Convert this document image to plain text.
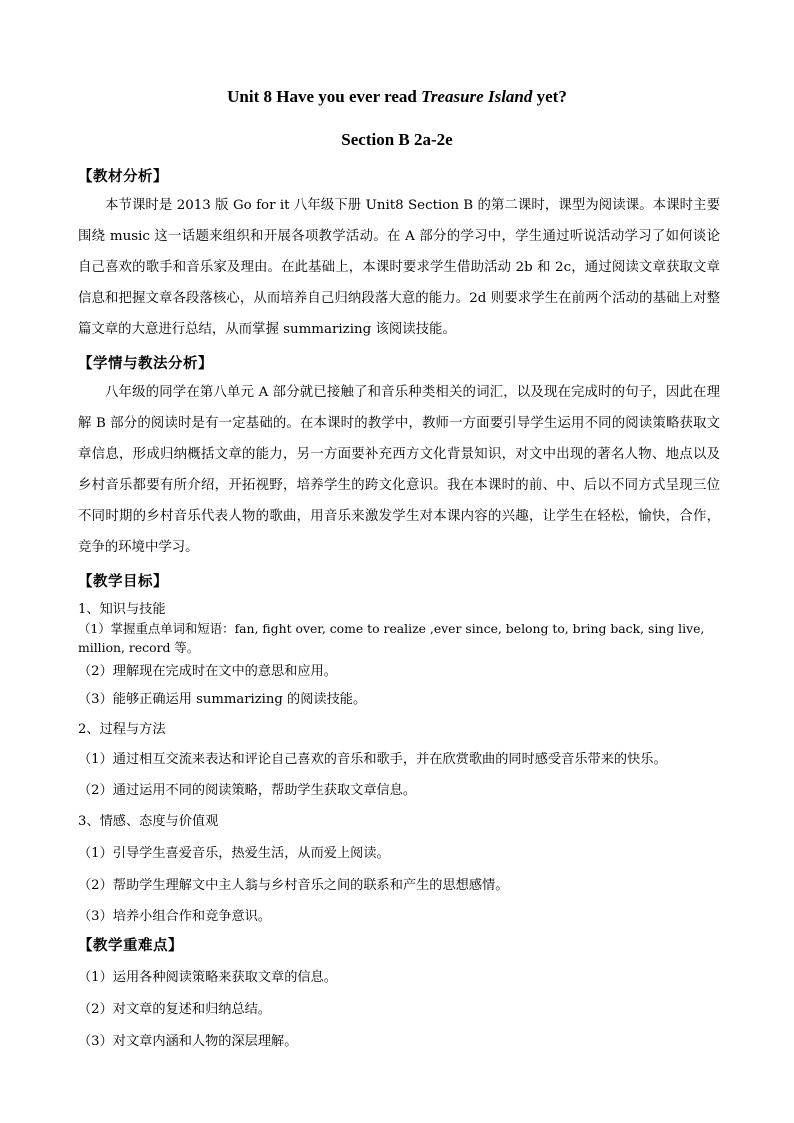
Unit 8 Have you ever read Treasure Island yet?
Section B 2a-2e
【教材分析】
本节课时是 2013 版 Go for it 八年级下册 Unit8 Section B 的第二课时，课型为阅读课。本课时主要围绕 music 这一话题来组织和开展各项教学活动。在 A 部分的学习中，学生通过听说活动学习了如何谈论自己喜欢的歌手和音乐家及理由。在此基础上，本课时要求学生借助活动 2b 和 2c，通过阅读文章获取文章信息和把握文章各段落核心，从而培养自己归纳段落大意的能力。2d 则要求学生在前两个活动的基础上对整篇文章的大意进行总结，从而掌握 summarizing 该阅读技能。
【学情与教法分析】
八年级的同学在第八单元 A 部分就已接触了和音乐种类相关的词汇，以及现在完成时的句子，因此在理解 B 部分的阅读时是有一定基础的。在本课时的教学中，教师一方面要引导学生运用不同的阅读策略获取文章信息，形成归纳概括文章的能力，另一方面要补充西方文化背景知识，对文中出现的著名人物、地点以及乡村音乐都要有所介绍，开拓视野，培养学生的跨文化意识。我在本课时的前、中、后以不同方式呈现三位不同时期的乡村音乐代表人物的歌曲，用音乐来激发学生对本课内容的兴趣，让学生在轻松，愉快，合作，竞争的环境中学习。
【教学目标】
1、知识与技能
（1）掌握重点单词和短语：fan, fight over, come to realize ,ever since, belong to, bring back, sing live, million, record 等。
（2）理解现在完成时在文中的意思和应用。
（3）能够正确运用 summarizing 的阅读技能。
2、过程与方法
（1）通过相互交流来表达和评论自己喜欢的音乐和歌手，并在欣赏歌曲的同时感受音乐带来的快乐。
（2）通过运用不同的阅读策略，帮助学生获取文章信息。
3、情感、态度与价值观
（1）引导学生喜爱音乐，热爱生活，从而爱上阅读。
（2）帮助学生理解文中主人翁与乡村音乐之间的联系和产生的思想感情。
（3）培养小组合作和竞争意识。
【教学重难点】
（1）运用各种阅读策略来获取文章的信息。
（2）对文章的复述和归纳总结。
（3）对文章内涵和人物的深层理解。
